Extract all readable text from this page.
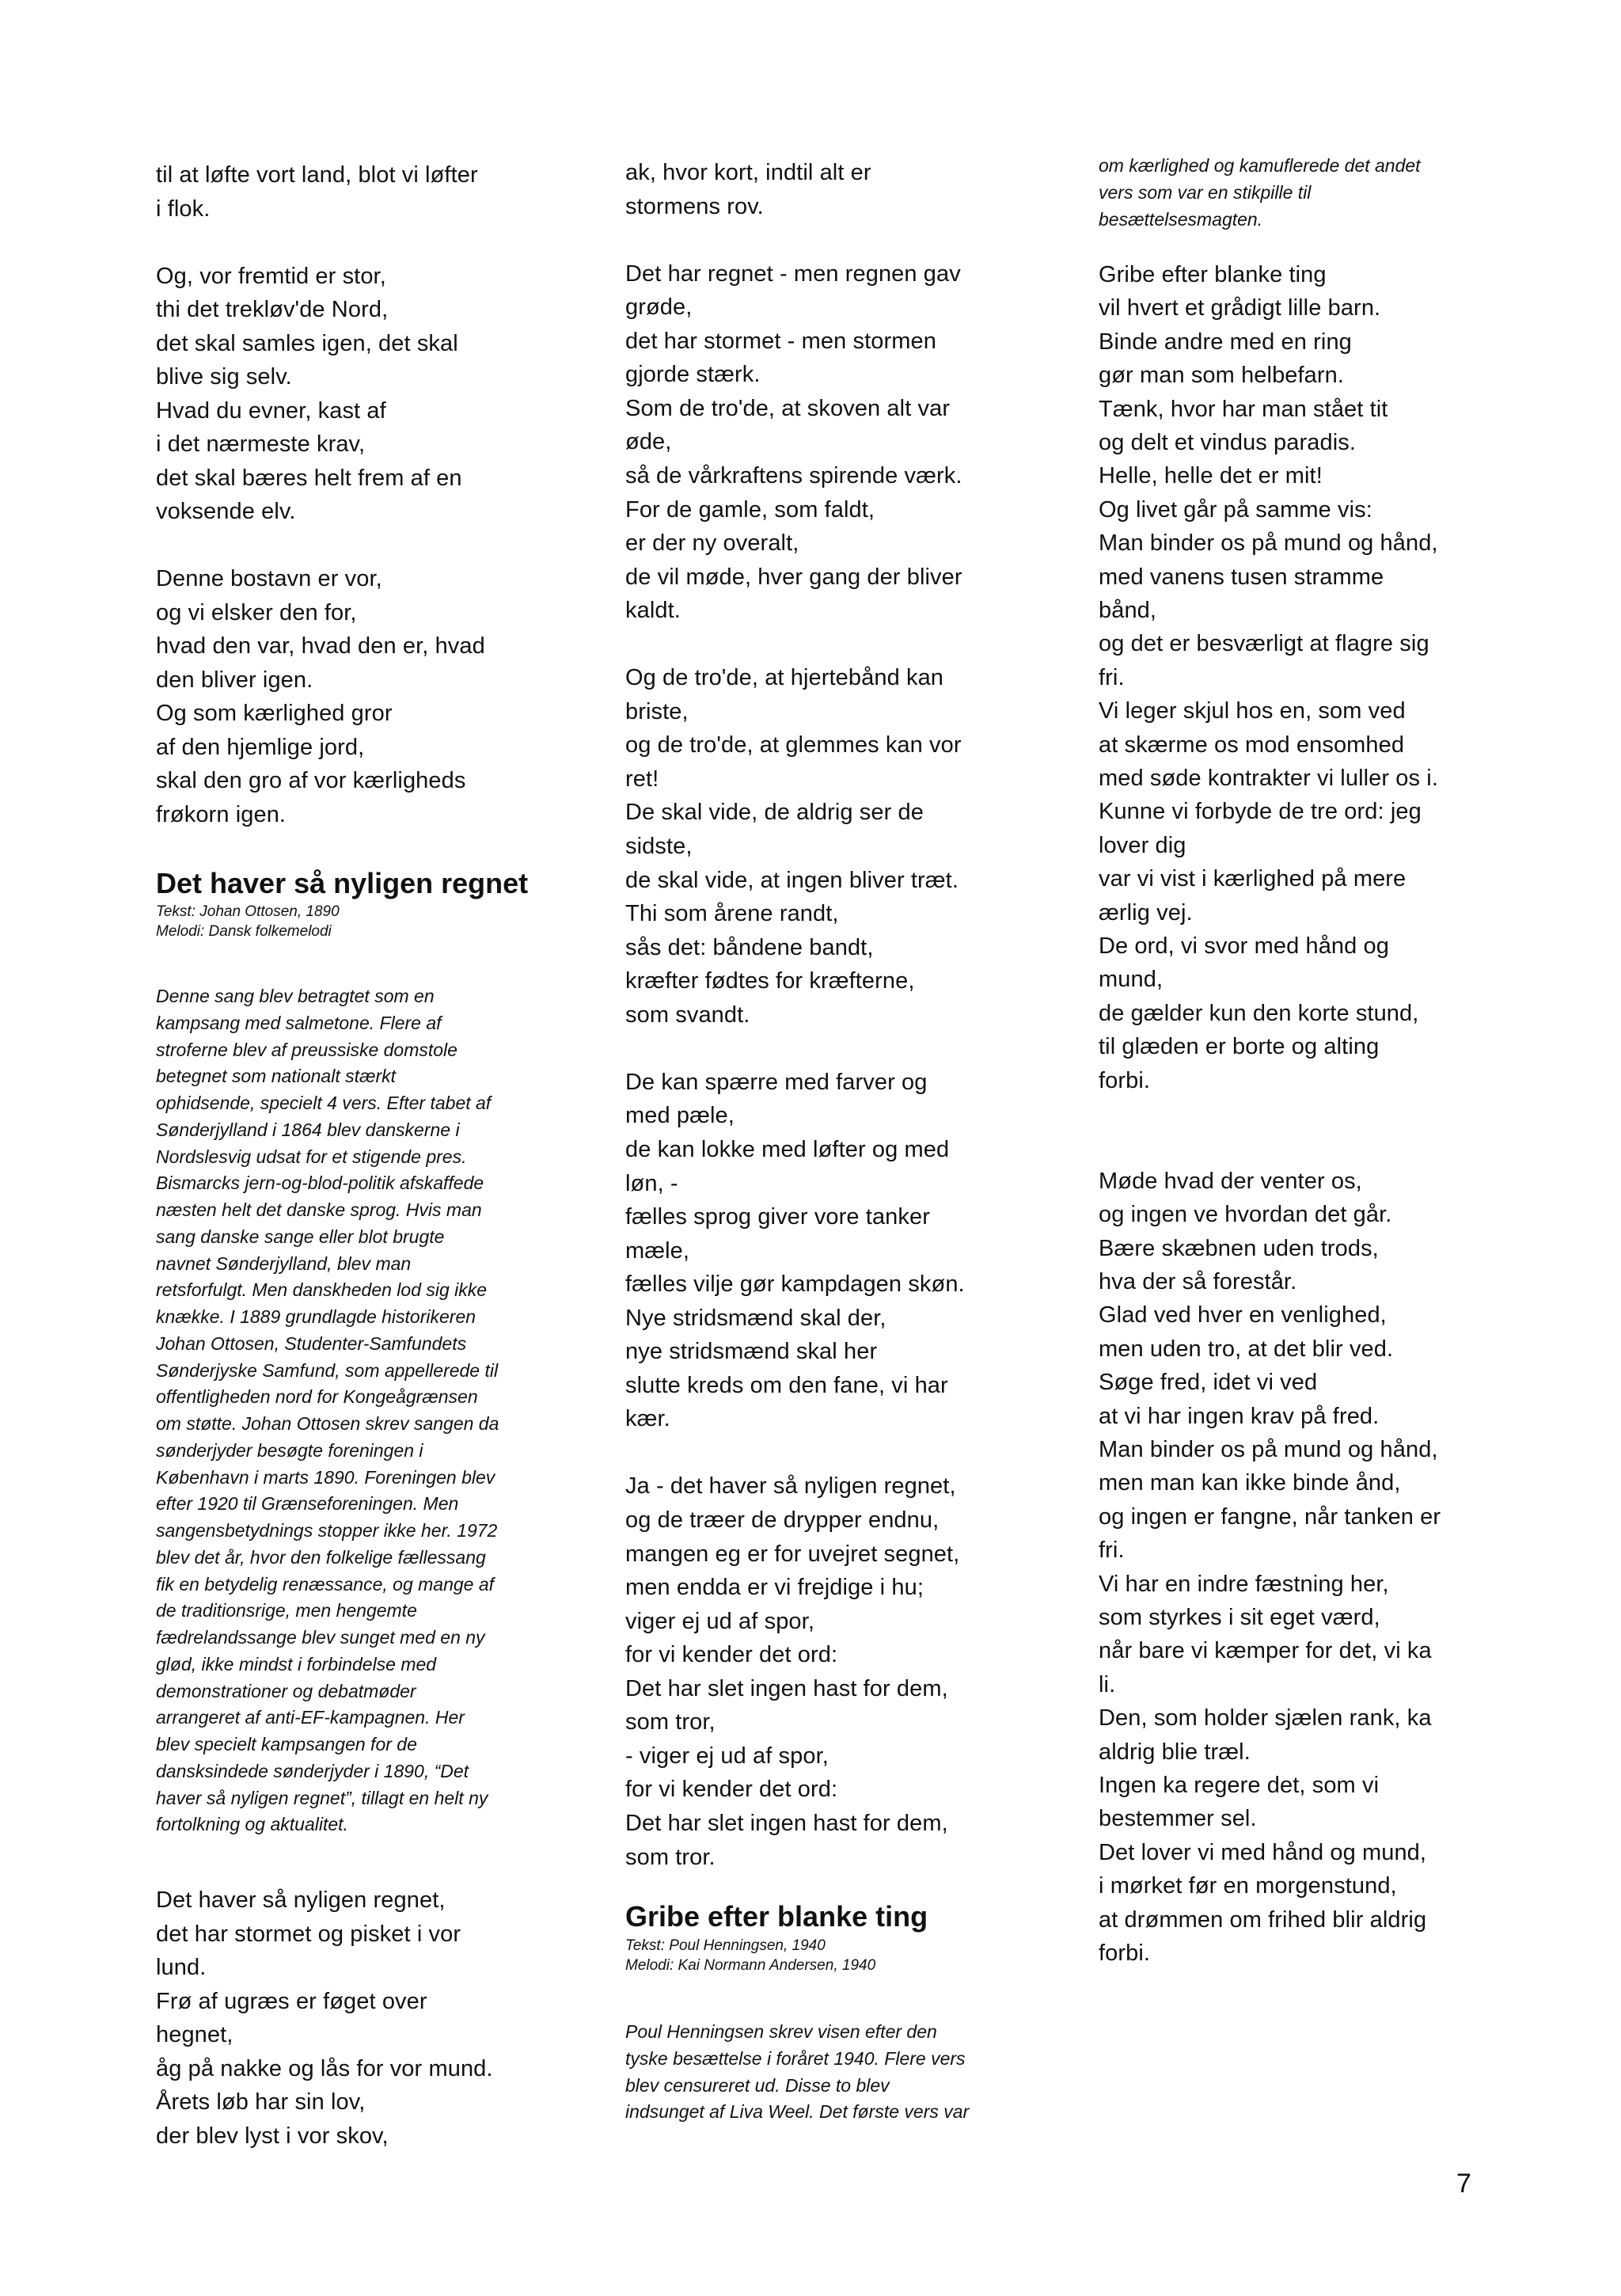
til at løfte vort land, blot vi løfter
i flok.
Og, vor fremtid er stor,
thi det trekløv'de Nord,
det skal samles igen, det skal
blive sig selv.
Hvad du evner, kast af
i det nærmeste krav,
det skal bæres helt frem af en
voksende elv.
Denne bostavn er vor,
og vi elsker den for,
hvad den var, hvad den er, hvad
den bliver igen.
Og som kærlighed gror
af den hjemlige jord,
skal den gro af vor kærligheds
frøkorn igen.
Det haver så nyligen regnet
Tekst: Johan Ottosen, 1890
Melodi: Dansk folkemelodi
Denne sang blev betragtet som en
kampsang med salmetone. Flere af
stroferne blev af preussiske domstole
betegnet som nationalt stærkt
ophidsende, specielt 4 vers. Efter tabet af
Sønderjylland i 1864 blev danskerne i
Nordslesvig udsat for et stigende pres.
Bismarcks jern-og-blod-politik afskaffede
næsten helt det danske sprog. Hvis man
sang danske sange eller blot brugte
navnet Sønderjylland, blev man
retsforfulgt. Men danskheden lod sig ikke
knække. I 1889 grundlagde historikeren
Johan Ottosen, Studenter-Samfundets
Sønderjyske Samfund, som appellerede til
offentligheden nord for Kongeågrænsen
om støtte. Johan Ottosen skrev sangen da
sønderjyder besøgte foreningen i
København i marts 1890. Foreningen blev
efter 1920 til Grænseforeningen. Men
sangensbetydnings stopper ikke her. 1972
blev det år, hvor den folkelige fællessang
fik en betydelig renæssance, og mange af
de traditionsrige, men hengemte
fædrelandssange blev sunget med en ny
glød, ikke mindst i forbindelse med
demonstrationer og debatmøder
arrangeret af anti-EF-kampagnen. Her
blev specielt kampsangen for de
dansksindede sønderjyder i 1890, “Det
haver så nyligen regnet”, tillagt en helt ny
fortolkning og aktualitet.
Det haver så nyligen regnet,
det har stormet og pisket i vor
lund.
Frø af ugræs er føget over
hegnet,
åg på nakke og lås for vor mund.
Årets løb har sin lov,
der blev lyst i vor skov,
ak, hvor kort, indtil alt er
stormens rov.
Det har regnet - men regnen gav
grøde,
det har stormet - men stormen
gjorde stærk.
Som de tro'de, at skoven alt var
øde,
så de vårkraftens spirende værk.
For de gamle, som faldt,
er der ny overalt,
de vil møde, hver gang der bliver
kaldt.
Og de tro'de, at hjertebånd kan
briste,
og de tro'de, at glemmes kan vor
ret!
De skal vide, de aldrig ser de
sidste,
de skal vide, at ingen bliver træt.
Thi som årene randt,
sås det: båndene bandt,
kræfter fødtes for kræfterne,
som svandt.
De kan spærre med farver og
med pæle,
de kan lokke med løfter og med
løn, -
fælles sprog giver vore tanker
mæle,
fælles vilje gør kampdagen skøn.
Nye stridsmænd skal der,
nye stridsmænd skal her
slutte kreds om den fane, vi har
kær.
Ja - det haver så nyligen regnet,
og de træer de drypper endnu,
mangen eg er for uvejret segnet,
men endda er vi frejdige i hu;
viger ej ud af spor,
for vi kender det ord:
Det har slet ingen hast for dem,
som tror,
- viger ej ud af spor,
for vi kender det ord:
Det har slet ingen hast for dem,
som tror.
Gribe efter blanke ting
Tekst: Poul Henningsen, 1940
Melodi: Kai Normann Andersen, 1940
Poul Henningsen skrev visen efter den
tyske besættelse i foråret 1940. Flere vers
blev censureret ud. Disse to blev
indsunget af Liva Weel. Det første vers var
om kærlighed og kamuflerede det andet
vers som var en stikpille til
besættelsesmagten.
Gribe efter blanke ting
vil hvert et grådigt lille barn.
Binde andre med en ring
gør man som helbefarn.
Tænk, hvor har man stået tit
og delt et vindus paradis.
Helle, helle det er mit!
Og livet går på samme vis:
Man binder os på mund og hånd,
med vanens tusen stramme
bånd,
og det er besværligt at flagre sig
fri.
Vi leger skjul hos en, som ved
at skærme os mod ensomhed
med søde kontrakter vi luller os i.
Kunne vi forbyde de tre ord: jeg
lover dig
var vi vist i kærlighed på mere
ærlig vej.
De ord, vi svor med hånd og
mund,
de gælder kun den korte stund,
til glæden er borte og alting
forbi.
Møde hvad der venter os,
og ingen ve hvordan det går.
Bære skæbnen uden trods,
hva der så forestår.
Glad ved hver en venlighed,
men uden tro, at det blir ved.
Søge fred, idet vi ved
at vi har ingen krav på fred.
Man binder os på mund og hånd,
men man kan ikke binde ånd,
og ingen er fangne, når tanken er
fri.
Vi har en indre fæstning her,
som styrkes i sit eget værd,
når bare vi kæmper for det, vi ka
li.
Den, som holder sjælen rank, ka
aldrig blie træl.
Ingen ka regere det, som vi
bestemmer sel.
Det lover vi med hånd og mund,
i mørket før en morgenstund,
at drømmen om frihed blir aldrig
forbi.
7
